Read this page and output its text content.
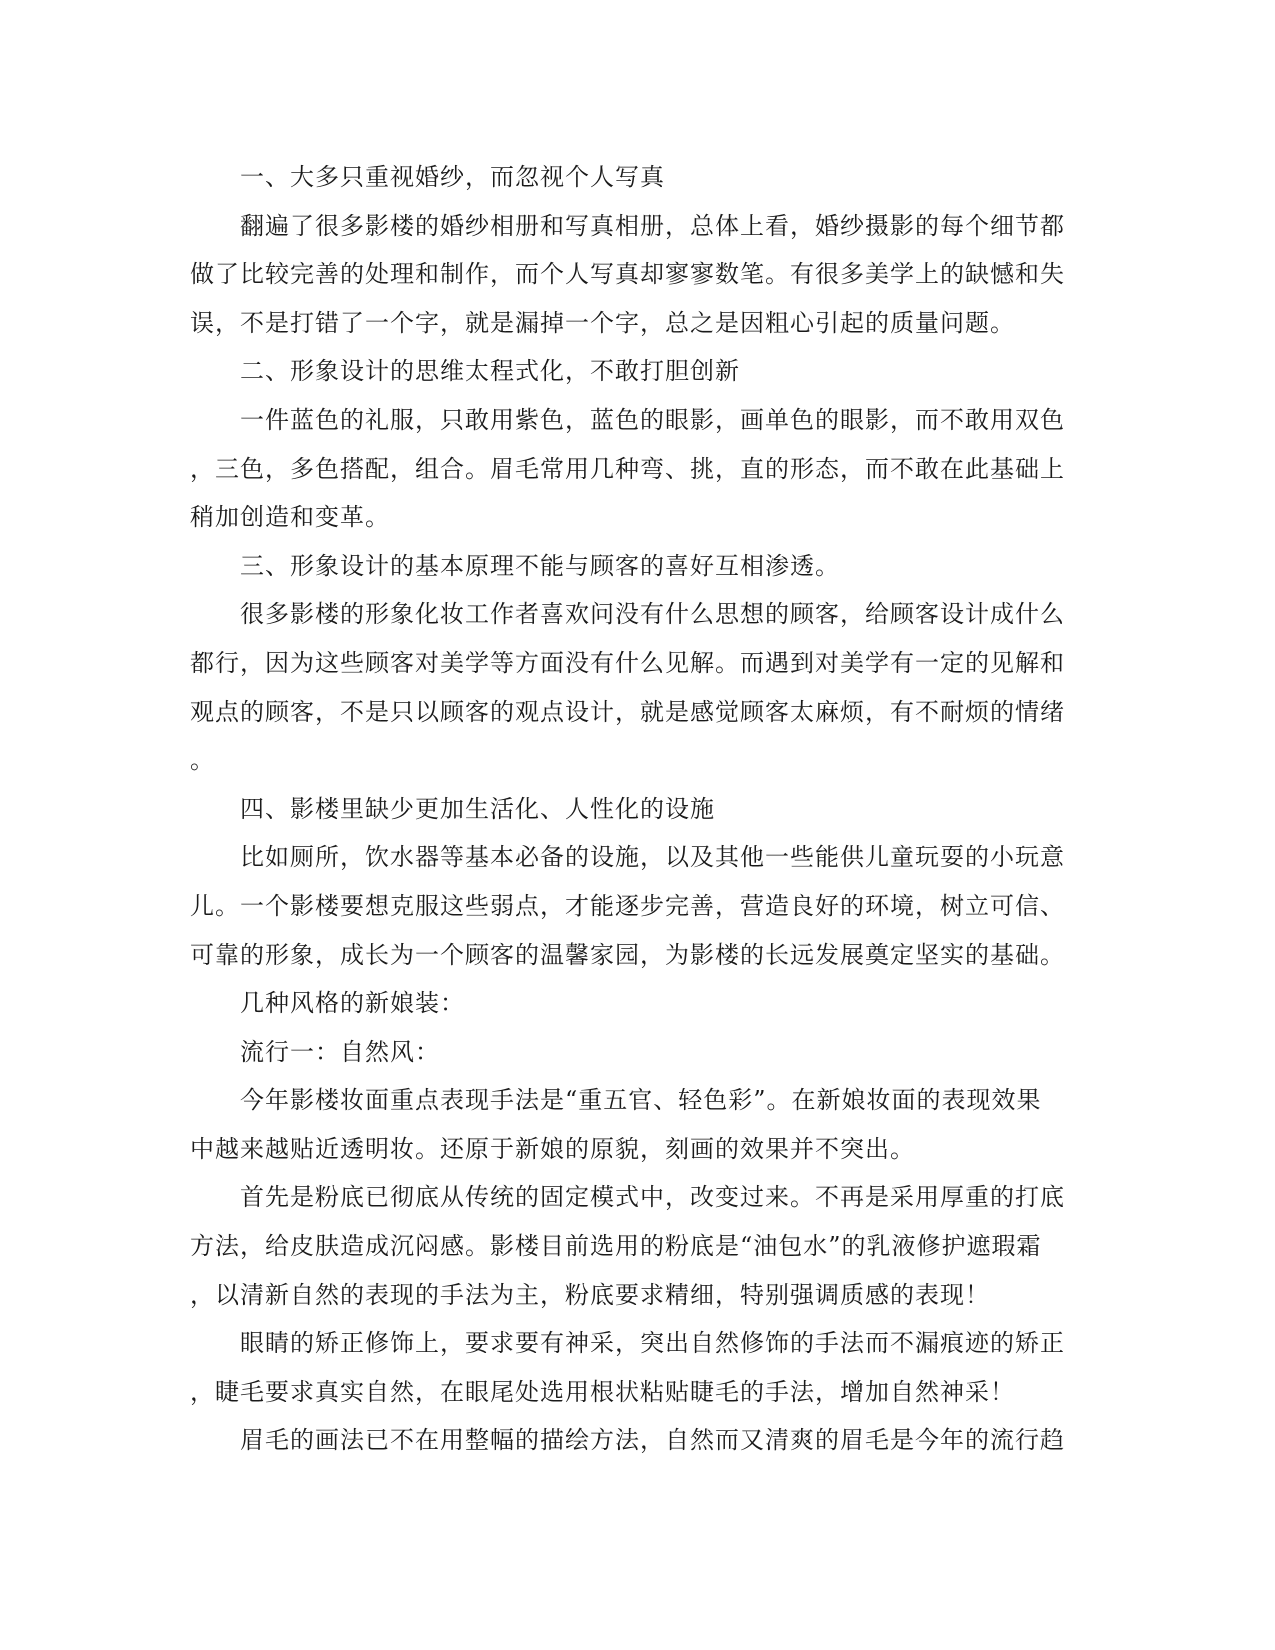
一、大多只重视婚纱，而忽视个人写真
翻遍了很多影楼的婚纱相册和写真相册，总体上看，婚纱摄影的每个细节都
做了比较完善的处理和制作，而个人写真却寥寥数笔。有很多美学上的缺憾和失
误，不是打错了一个字，就是漏掉一个字，总之是因粗心引起的质量问题。
二、形象设计的思维太程式化，不敢打胆创新
一件蓝色的礼服，只敢用紫色，蓝色的眼影，画单色的眼影，而不敢用双色
，三色，多色搭配，组合。眉毛常用几种弯、挑，直的形态，而不敢在此基础上
稍加创造和变革。
三、形象设计的基本原理不能与顾客的喜好互相渗透。
很多影楼的形象化妆工作者喜欢问没有什么思想的顾客，给顾客设计成什么
都行，因为这些顾客对美学等方面没有什么见解。而遇到对美学有一定的见解和
观点的顾客，不是只以顾客的观点设计，就是感觉顾客太麻烦，有不耐烦的情绪
。
四、影楼里缺少更加生活化、人性化的设施
比如厕所，饮水器等基本必备的设施，以及其他一些能供儿童玩耍的小玩意
儿。一个影楼要想克服这些弱点，才能逐步完善，营造良好的环境，树立可信、
可靠的形象，成长为一个顾客的温馨家园，为影楼的长远发展奠定坚实的基础。
几种风格的新娘装：
流行一：自然风：
今年影楼妆面重点表现手法是“重五官、轻色彩”。在新娘妆面的表现效果
中越来越贴近透明妆。还原于新娘的原貌，刻画的效果并不突出。
首先是粉底已彻底从传统的固定模式中，改变过来。不再是采用厚重的打底
方法，给皮肤造成沉闷感。影楼目前选用的粉底是“油包水”的乳液修护遮瑕霜
，以清新自然的表现的手法为主，粉底要求精细，特别强调质感的表现！
眼睛的矫正修饰上，要求要有神采，突出自然修饰的手法而不漏痕迹的矫正
，睫毛要求真实自然，在眼尾处选用根状粘贴睫毛的手法，增加自然神采！
眉毛的画法已不在用整幅的描绘方法，自然而又清爽的眉毛是今年的流行趋
